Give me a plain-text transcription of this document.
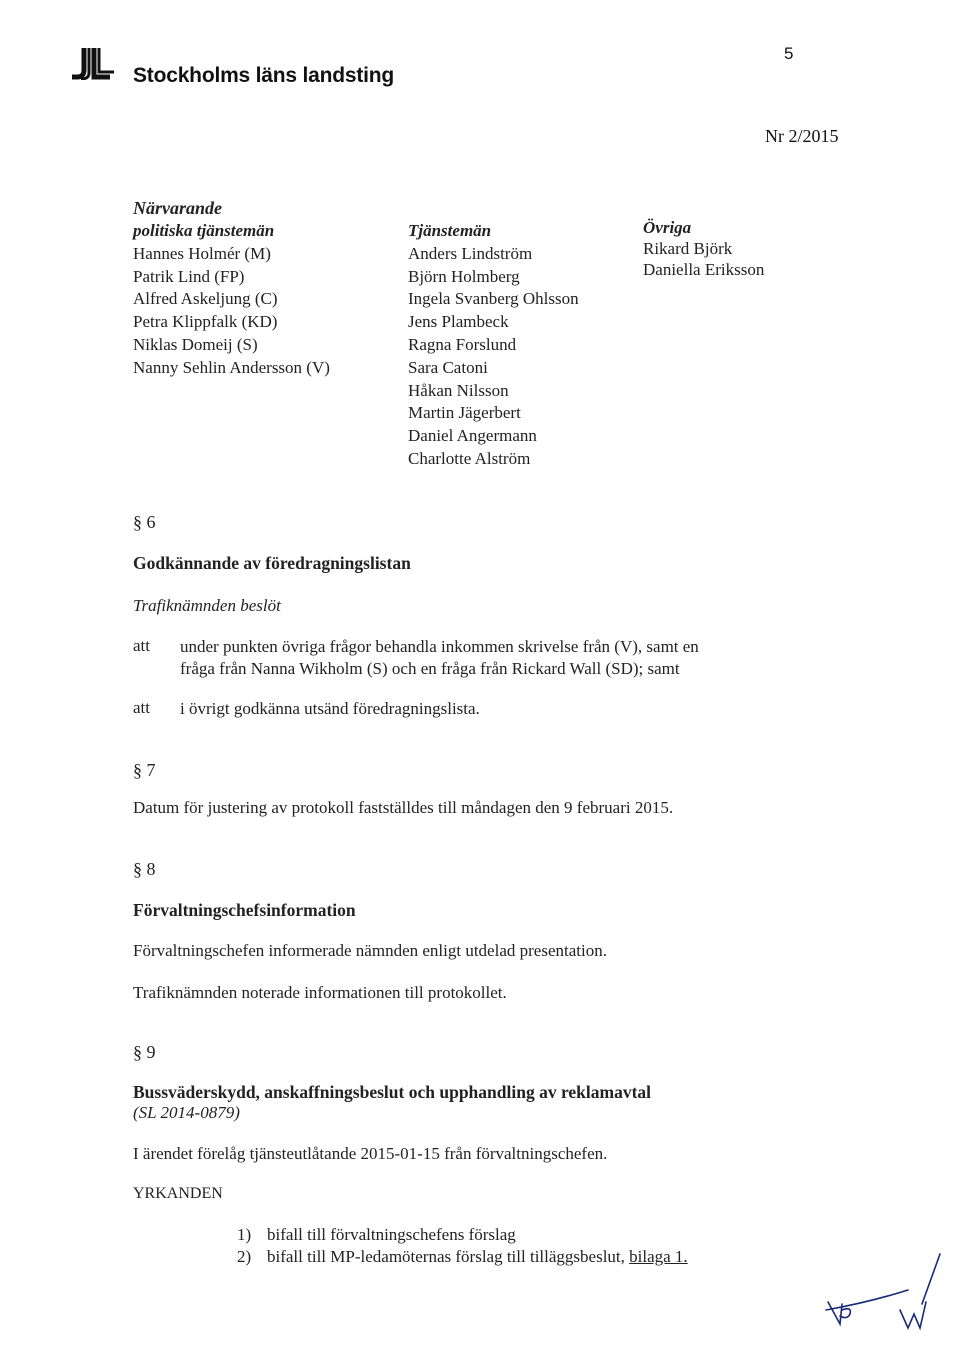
Stockholms läns landsting
5
Nr 2/2015
Närvarande
politiska tjänstemän
Hannes Holmér (M)
Patrik Lind (FP)
Alfred Askeljung (C)
Petra Klippfalk (KD)
Niklas Domeij (S)
Nanny Sehlin Andersson (V)
Tjänstemän
Anders Lindström
Björn Holmberg
Ingela Svanberg Ohlsson
Jens Plambeck
Ragna Forslund
Sara Catoni
Håkan Nilsson
Martin Jägerbert
Daniel Angermann
Charlotte Alström
Övriga
Rikard Björk
Daniella Eriksson
§ 6
Godkännande av föredragningslistan
Trafiknämnden beslöt
att under punkten övriga frågor behandla inkommen skrivelse från (V), samt en
fråga från Nanna Wikholm (S) och en fråga från Rickard Wall (SD); samt
att i övrigt godkänna utsänd föredragningslista.
§ 7
Datum för justering av protokoll fastställdes till måndagen den 9 februari 2015.
§ 8
Förvaltningschefsinformation
Förvaltningschefen informerade nämnden enligt utdelad presentation.
Trafiknämnden noterade informationen till protokollet.
§ 9
Bussväderskydd, anskaffningsbeslut och upphandling av reklamavtal
(SL 2014-0879)
I ärendet förelåg tjänsteutlåtande 2015-01-15 från förvaltningschefen.
YRKANDEN
1) bifall till förvaltningschefens förslag
2) bifall till MP-ledamöternas förslag till tilläggsbeslut, bilaga 1.
